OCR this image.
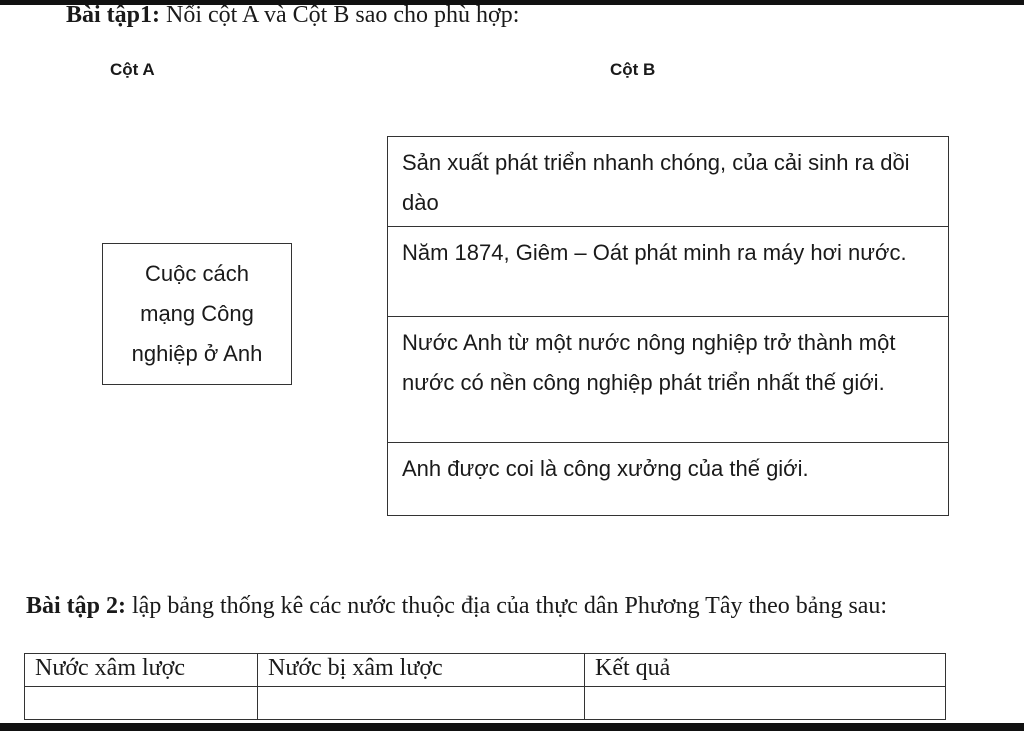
Bài tập1: Nối cột A và Cột B sao cho phù hợp:
Cột A	Cột B
Cuộc cách
mạng Công
nghiệp ở Anh
Sản xuất phát triển nhanh chóng, của cải sinh ra dồi dào
Năm 1874, Giêm – Oát phát minh ra máy hơi nước.
Nước Anh từ một nước nông nghiệp trở thành một nước có nền công nghiệp phát triển nhất thế giới.
Anh được coi là công xưởng của thế giới.
Bài tập 2: lập bảng thống kê các nước thuộc địa của thực dân Phương Tây theo bảng sau:
Nước xâm lược	Nước bị xâm lược	Kết quả
